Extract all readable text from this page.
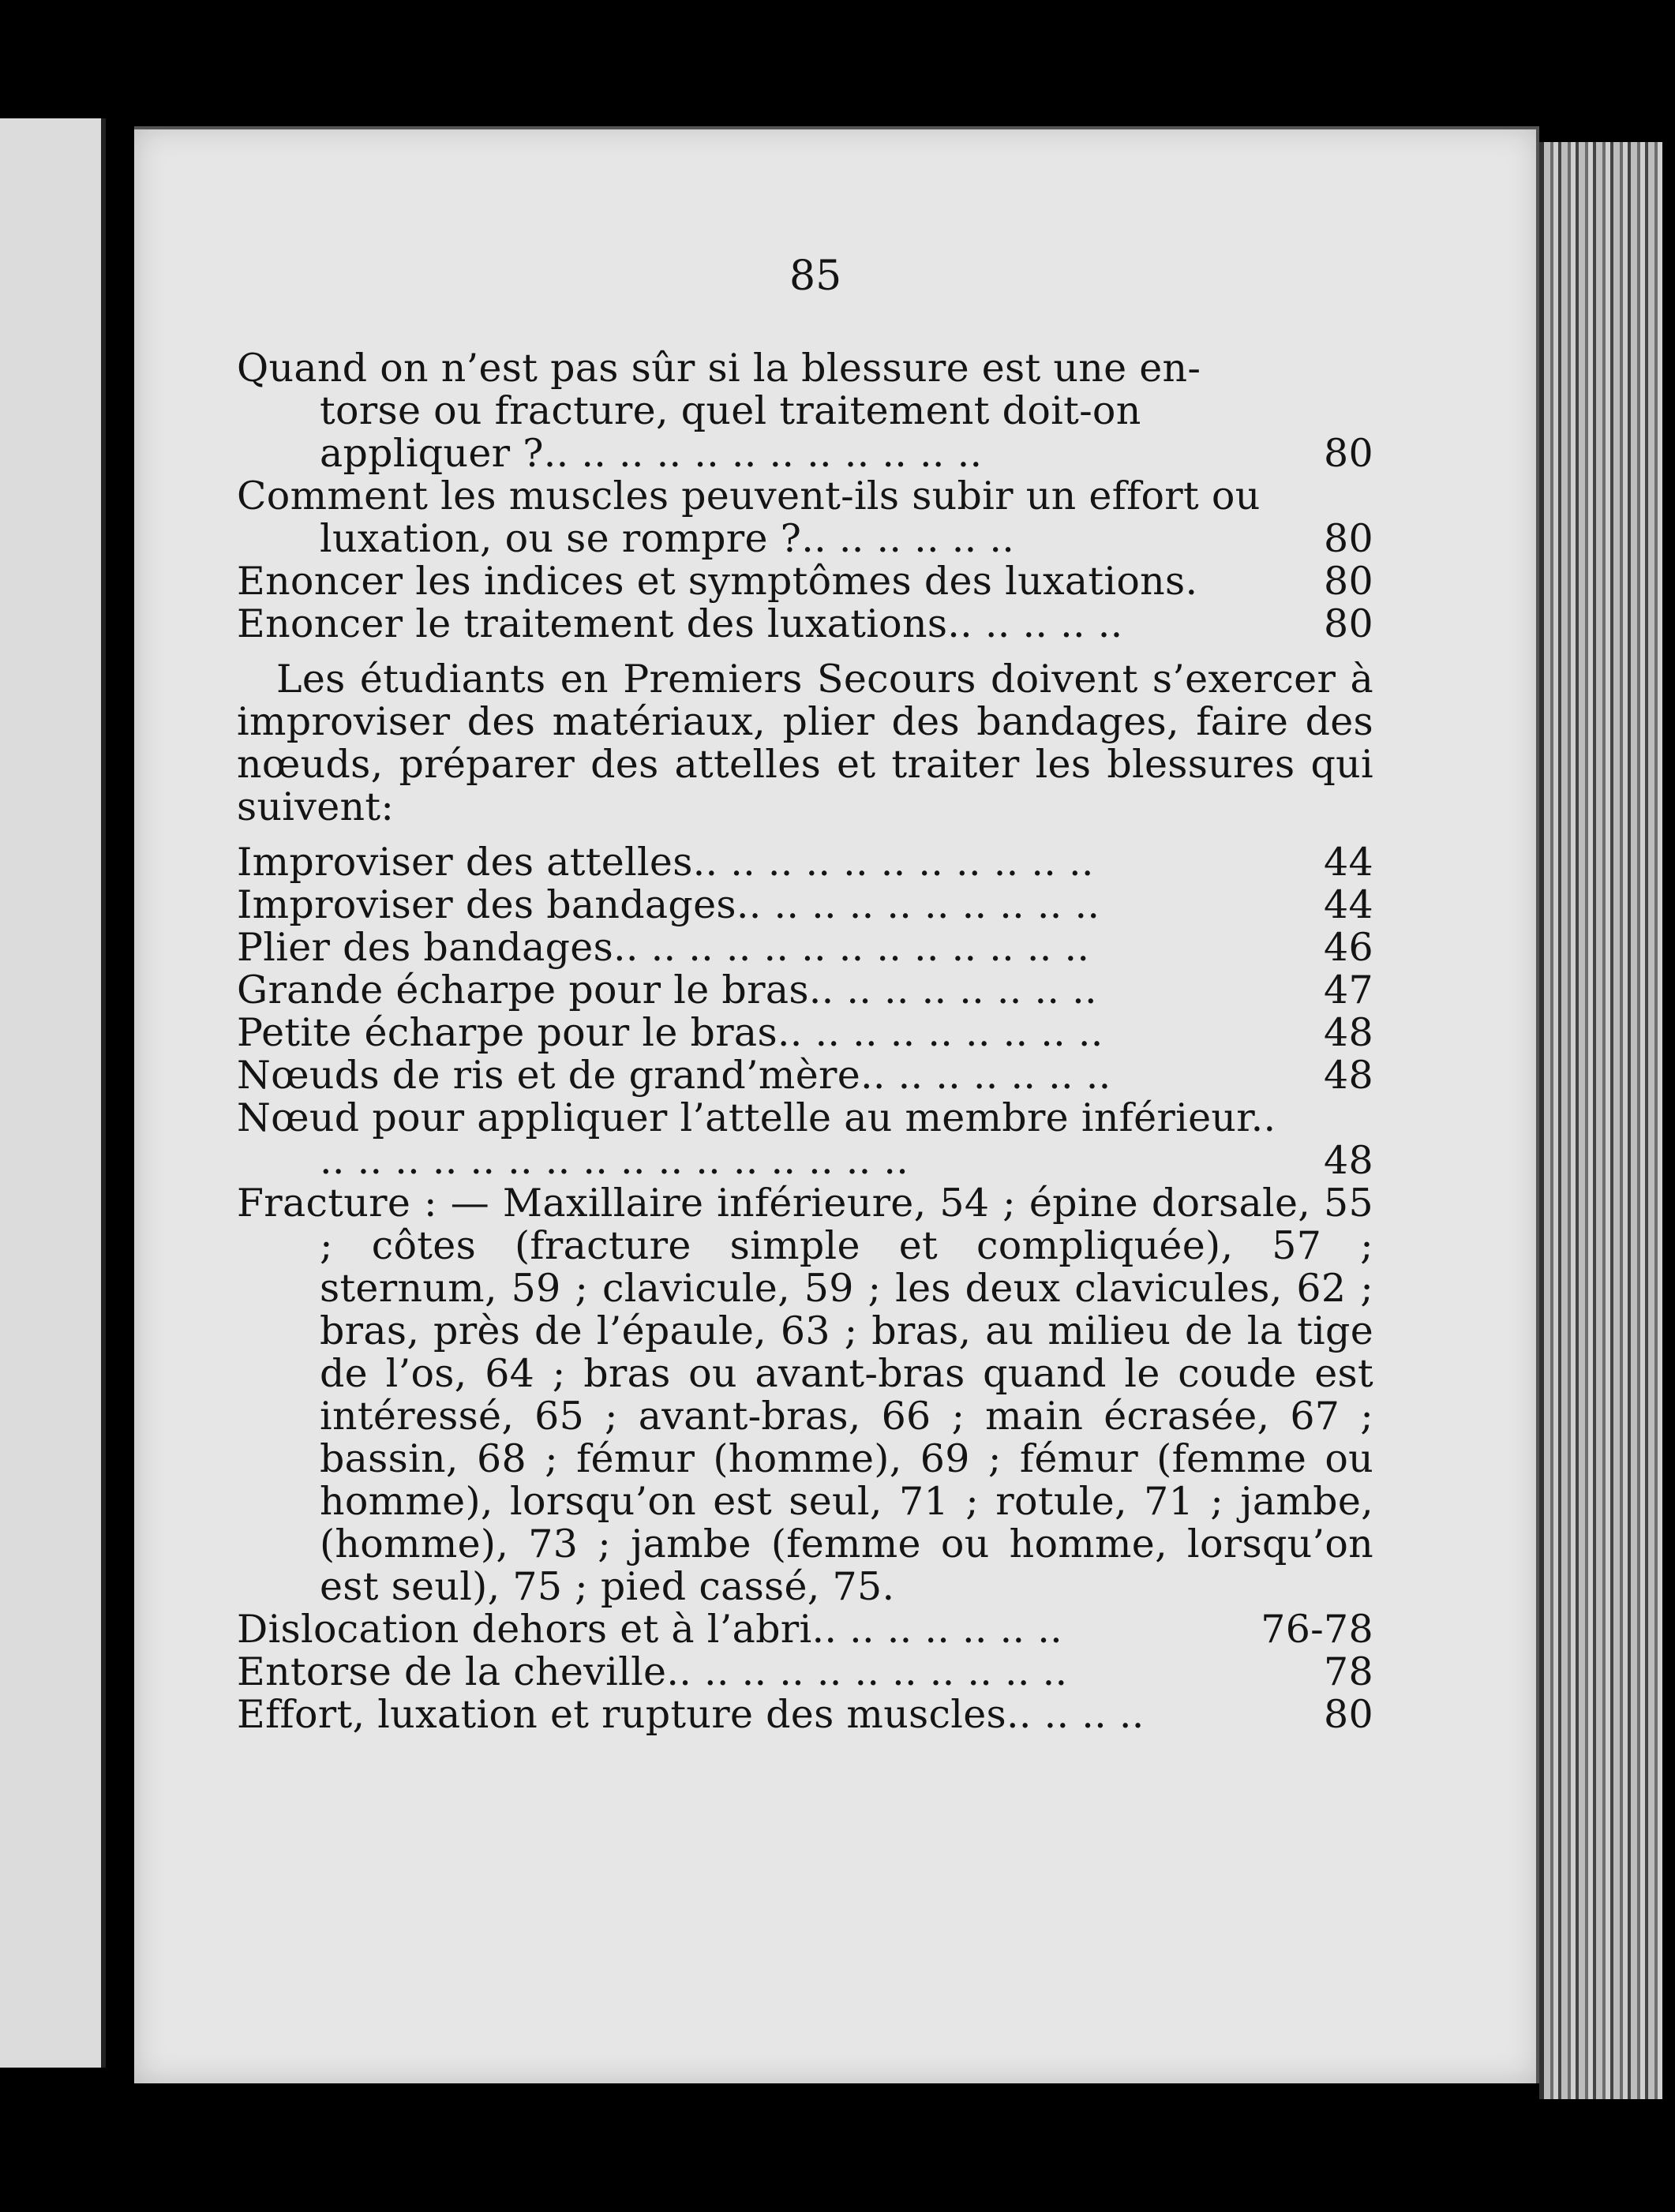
85
Quand on n’est pas sûr si la blessure est une entorse ou fracture, quel traitement doit-on appliquer ?.. .. .. .. .. .. .. .. .. .. .. ..	80
Comment les muscles peuvent-ils subir un effort ou luxation, ou se rompre ?.. .. .. .. .. ..	80
Enoncer les indices et symptômes des luxations.	80
Enoncer le traitement des luxations.. .. .. .. ..	80

Les étudiants en Premiers Secours doivent s’exercer à improviser des matériaux, plier des bandages, faire des nœuds, préparer des attelles et traiter les blessures qui suivent:

Improviser des attelles.. .. .. .. .. .. .. .. .. .. ..	44
Improviser des bandages.. .. .. .. .. .. .. .. .. ..	44
Plier des bandages.. .. .. .. .. .. .. .. .. .. .. .. ..	46
Grande écharpe pour le bras.. .. .. .. .. .. .. ..	47
Petite écharpe pour le bras.. .. .. .. .. .. .. .. ..	48
Nœuds de ris et de grand’mère.. .. .. .. .. .. ..	48
Nœud pour appliquer l’attelle au membre inférieur.. .. .. .. .. .. .. .. .. .. .. .. .. .. .. .. ..	48
Fracture : — Maxillaire inférieure, 54 ; épine dorsale, 55 ; côtes (fracture simple et compliquée), 57 ; sternum, 59 ; clavicule, 59 ; les deux clavicules, 62 ; bras, près de l’épaule, 63 ; bras, au milieu de la tige de l’os, 64 ; bras ou avant-bras quand le coude est intéressé, 65 ; avant-bras, 66 ; main écrasée, 67 ; bassin, 68 ; fémur (homme), 69 ; fémur (femme ou homme), lorsqu’on est seul, 71 ; rotule, 71 ; jambe, (homme), 73 ; jambe (femme ou homme, lorsqu’on est seul), 75 ; pied cassé, 75.
Dislocation dehors et à l’abri.. .. .. .. .. .. ..	76-78
Entorse de la cheville.. .. .. .. .. .. .. .. .. .. ..	78
Effort, luxation et rupture des muscles.. .. .. ..	80
